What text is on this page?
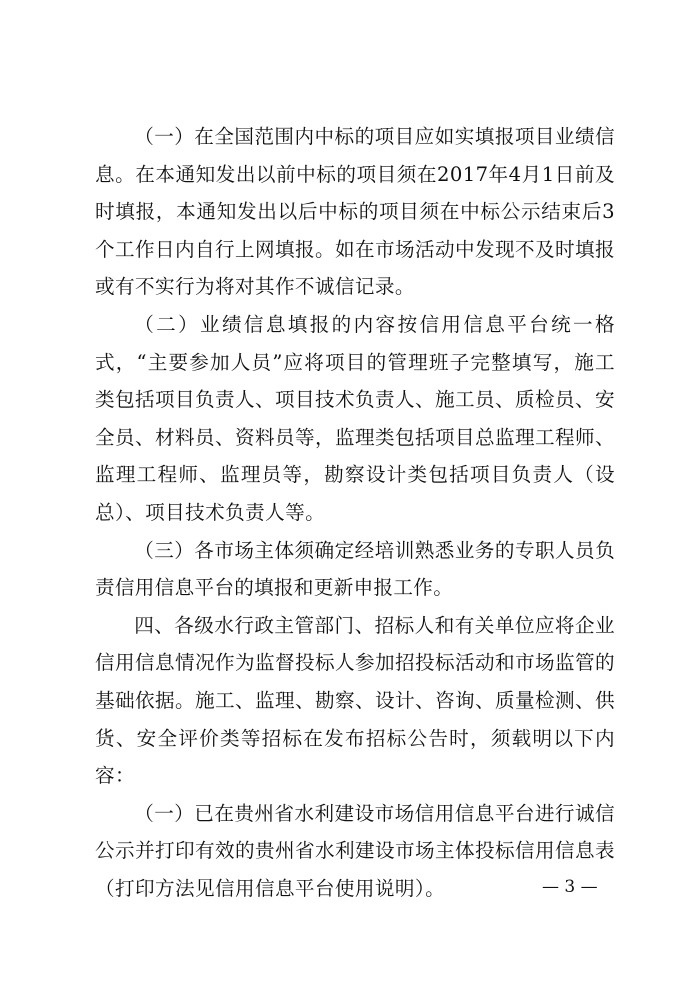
（一）在全国范围内中标的项目应如实填报项目业绩信息。在本通知发出以前中标的项目须在2017年4月1日前及时填报，本通知发出以后中标的项目须在中标公示结束后3个工作日内自行上网填报。如在市场活动中发现不及时填报或有不实行为将对其作不诚信记录。

（二）业绩信息填报的内容按信用信息平台统一格式，“主要参加人员”应将项目的管理班子完整填写，施工类包括项目负责人、项目技术负责人、施工员、质检员、安全员、材料员、资料员等，监理类包括项目总监理工程师、监理工程师、监理员等，勘察设计类包括项目负责人（设总）、项目技术负责人等。

（三）各市场主体须确定经培训熟悉业务的专职人员负责信用信息平台的填报和更新申报工作。

四、各级水行政主管部门、招标人和有关单位应将企业信用信息情况作为监督投标人参加招投标活动和市场监管的基础依据。施工、监理、勘察、设计、咨询、质量检测、供货、安全评价类等招标在发布招标公告时，须载明以下内容：

（一）已在贵州省水利建设市场信用信息平台进行诚信公示并打印有效的贵州省水利建设市场主体投标信用信息表（打印方法见信用信息平台使用说明）。	— 3 —
